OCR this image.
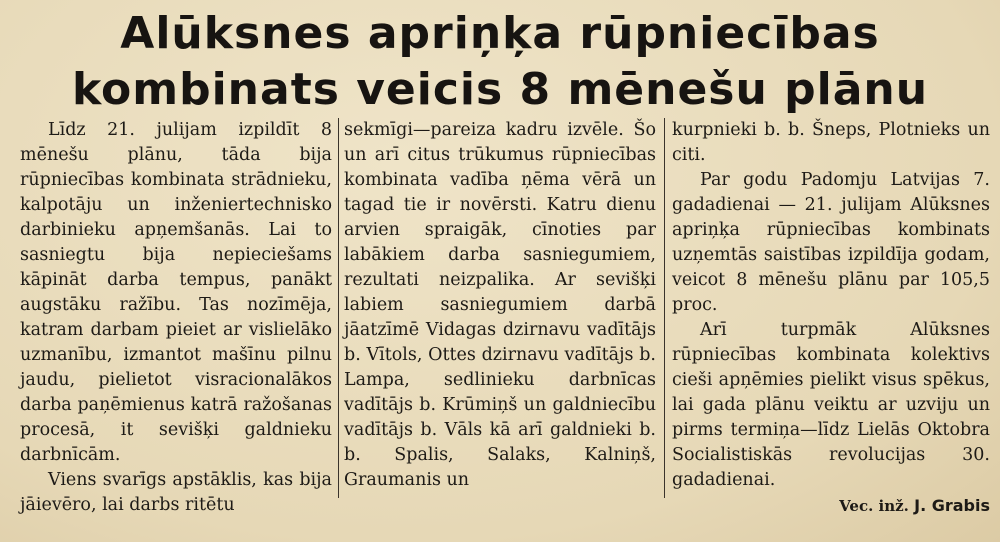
Alūksnes apriņķa rūpniecības
kombinats veicis 8 mēnešu plānu

Līdz 21. julijam izpildīt 8 mēnešu plānu, tāda bija rūpniecības kombinata strādnieku, kalpotāju un inženiertechnisko darbinieku apņemšanās. Lai to sasniegtu bija nepieciešams kāpināt darba tempus, panākt augstāku ražību. Tas nozīmēja, katram darbam pieiet ar vislielāko uzmanību, izmantot mašīnu pilnu jaudu, pielietot visracionalākos darba paņēmienus katrā ražošanas procesā, it sevišķi galdnieku darbnīcām.

Viens svarīgs apstāklis, kas bija jāievēro, lai darbs ritētu

sekmīgi—pareiza kadru izvēle. Šo un arī citus trūkumus rūpniecības kombinata vadība ņēma vērā un tagad tie ir novērsti. Katru dienu arvien spraigāk, cīnoties par labākiem darba sasniegumiem, rezultati neizpalika. Ar sevišķi labiem sasniegumiem darbā jāatzīmē Vidagas dzirnavu vadītājs b. Vītols, Ottes dzirnavu vadītājs b. Lampa, sedlinieku darbnīcas vadītājs b. Krūmiņš un galdniecību vadītājs b. Vāls kā arī galdnieki b. b. Spalis, Salaks, Kalniņš, Graumanis un

kurpnieki b. b. Šneps, Plotnieks un citi.

Par godu Padomju Latvijas 7. gadadienai — 21. julijam Alūksnes apriņķa rūpniecības kombinats uzņemtās saistības izpildīja godam, veicot 8 mēnešu plānu par 105,5 proc.

Arī turpmāk Alūksnes rūpniecības kombinata kolektivs cieši apņēmies pielikt visus spēkus, lai gada plānu veiktu ar uzviju un pirms termiņa—līdz Lielās Oktobra Socialistiskās revolucijas 30. gadadienai.

Vec. inž. J. Grabis
